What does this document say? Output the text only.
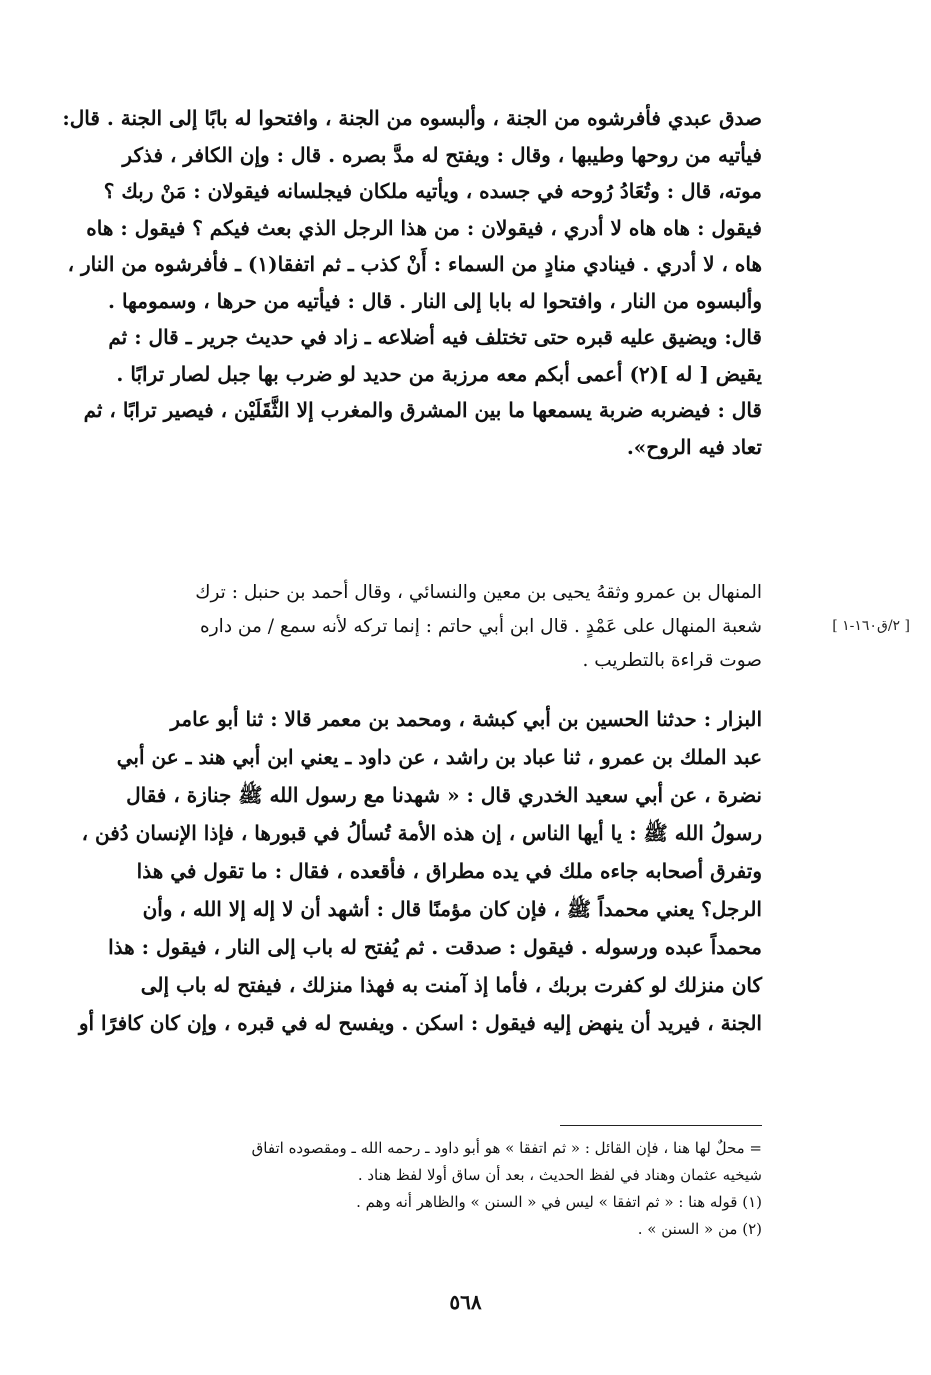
صدق عبدي فأفرشوه من الجنة ، وألبسوه من الجنة ، وافتحوا له بابًا إلى الجنة . قال:
فيأتيه من روحها وطيبها ، وقال : ويفتح له مدَّ بصره . قال : وإن الكافر ، فذكر
موته، قال : وتُعَادُ رُوحه في جسده ، ويأتيه ملكان فيجلسانه فيقولان : مَنْ ربك ؟
فيقول : هاه هاه لا أدري ، فيقولان : من هذا الرجل الذي بعث فيكم ؟ فيقول : هاه
هاه ، لا أدري . فينادي منادٍ من السماء : أَنْ كذب ـ ثم اتفقا(١) ـ فأفرشوه من النار ،
وألبسوه من النار ، وافتحوا له بابا إلى النار . قال : فيأتيه من حرها ، وسمومها .
قال: ويضيق عليه قبره حتى تختلف فيه أضلاعه ـ زاد في حديث جرير ـ قال : ثم
يقيض [ له ](٢) أعمى أبكم معه مرزبة من حديد لو ضرب بها جبل لصار ترابًا .
قال : فيضربه ضربة يسمعها ما بين المشرق والمغرب إلا الثَّقَلَيْن ، فيصير ترابًا ، ثم
تعاد فيه الروح».
المنهال بن عمرو وثقهُ يحيى بن معين والنسائي ، وقال أحمد بن حنبل : ترك
شعبة المنهال على عَمْدٍ . قال ابن أبي حاتم : إنما تركه لأنه سمع / من داره
صوت قراءة بالتطريب .
[ ٢/ق١٦٠-١ ]
البزار : حدثنا الحسين بن أبي كبشة ، ومحمد بن معمر قالا : ثنا أبو عامر
عبد الملك بن عمرو ، ثنا عباد بن راشد ، عن داود ـ يعني ابن أبي هند ـ عن أبي
نضرة ، عن أبي سعيد الخدري قال : « شهدنا مع رسول الله ﷺ جنازة ، فقال
رسولُ الله ﷺ : يا أيها الناس ، إن هذه الأمة تُسألُ في قبورها ، فإذا الإنسان دُفن ،
وتفرق أصحابه جاءه ملك في يده مطراق ، فأقعده ، فقال : ما تقول في هذا
الرجل؟ يعني محمداً ﷺ ، فإن كان مؤمنًا قال : أشهد أن لا إله إلا الله ، وأن
محمداً عبده ورسوله . فيقول : صدقت . ثم يُفتح له باب إلى النار ، فيقول : هذا
كان منزلك لو كفرت بربك ، فأما إذ آمنت به فهذا منزلك ، فيفتح له باب إلى
الجنة ، فيريد أن ينهض إليه فيقول : اسكن . ويفسح له في قبره ، وإن كان كافرًا أو
= محلٌ لها هنا ، فإن القائل : « ثم اتفقا » هو أبو داود ـ رحمه الله ـ ومقصوده اتفاق
شيخيه عثمان وهناد في لفظ الحديث ، بعد أن ساق أولا لفظ هناد .
(١) قوله هنا : « ثم اتفقا » ليس في « السنن » والظاهر أنه وهم .
(٢) من « السنن » .
٥٦٨
